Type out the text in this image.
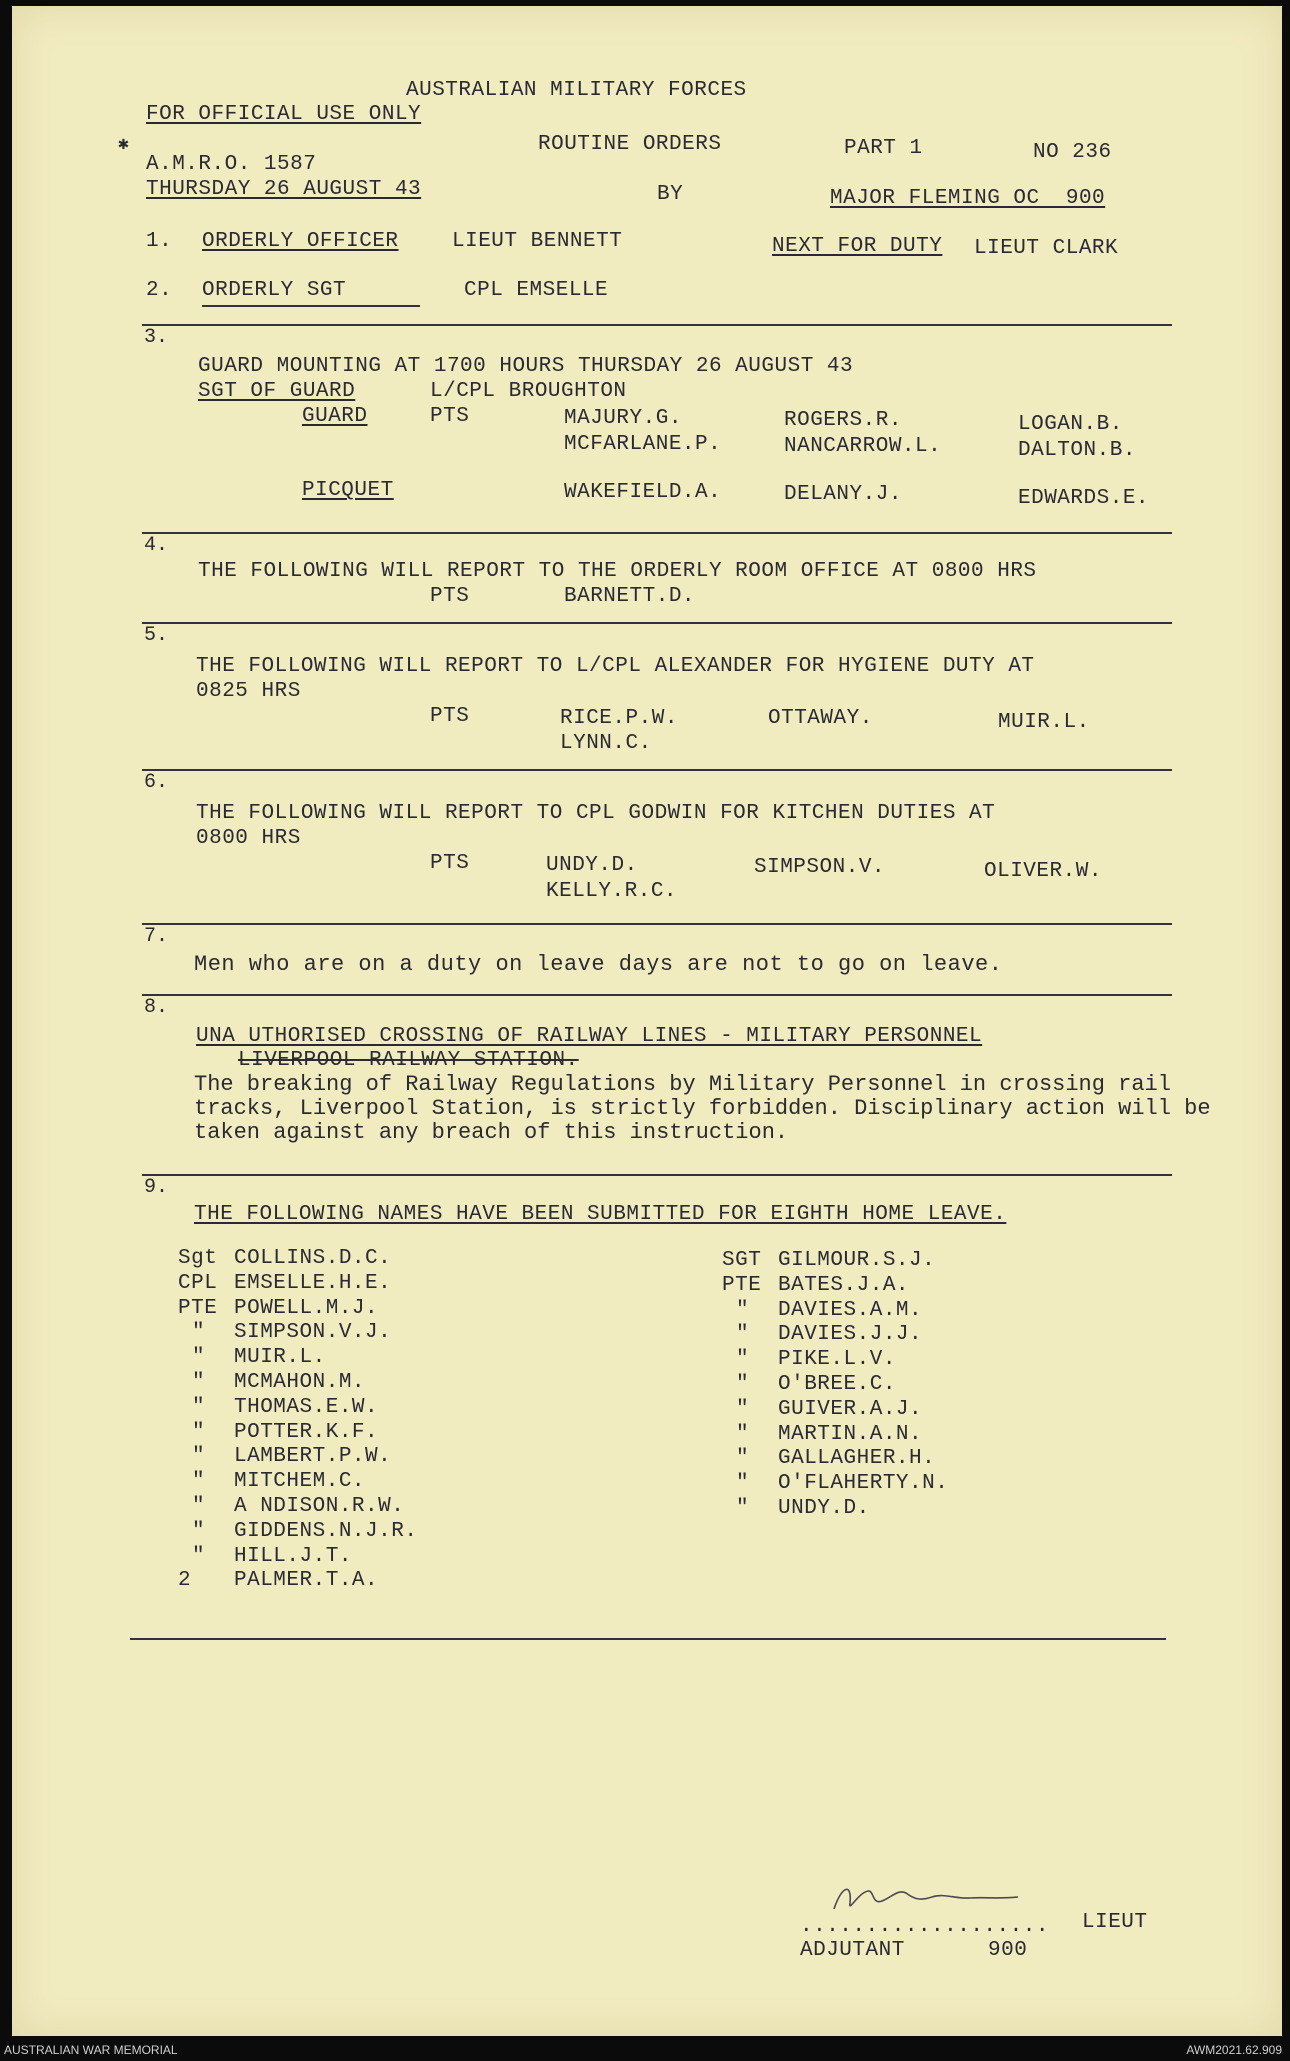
AUSTRALIAN MILITARY FORCES
FOR OFFICIAL USE ONLY
✱	ROUTINE ORDERS	PART 1	NO 236
A.M.R.O. 1587
THURSDAY 26 AUGUST 43	BY	MAJOR FLEMING OC  900
1. ORDERLY OFFICER	LIEUT BENNETT	NEXT FOR DUTY LIEUT CLARK
2. ORDERLY SGT	CPL EMSELLE
3.
GUARD MOUNTING AT 1700 HOURS THURSDAY 26 AUGUST 43
SGT OF GUARD	L/CPL BROUGHTON
GUARD	PTS	MAJURY.G.	ROGERS.R.	LOGAN.B.
MCFARLANE.P.	NANCARROW.L.	DALTON.B.
PICQUET	WAKEFIELD.A.	DELANY.J.	EDWARDS.E.
4.
THE FOLLOWING WILL REPORT TO THE ORDERLY ROOM OFFICE AT 0800 HRS
PTS	BARNETT.D.
5.
THE FOLLOWING WILL REPORT TO L/CPL ALEXANDER FOR HYGIENE DUTY AT
0825 HRS
PTS	RICE.P.W.	OTTAWAY.	MUIR.L.
LYNN.C.
6.
THE FOLLOWING WILL REPORT TO CPL GODWIN FOR KITCHEN DUTIES AT
0800 HRS
PTS	UNDY.D.	SIMPSON.V.	OLIVER.W.
KELLY.R.C.
7.
Men who are on a duty on leave days are not to go on leave.
8.
UNA UTHORISED CROSSING OF RAILWAY LINES - MILITARY PERSONNEL
LIVERPOOL RAILWAY STATION.
The breaking of Railway Regulations by Military Personnel in crossing rail tracks, Liverpool Station, is strictly forbidden. Disciplinary action will be taken against any breach of this instruction.
9.
THE FOLLOWING NAMES HAVE BEEN SUBMITTED FOR EIGHTH HOME LEAVE.
Sgt COLLINS.D.C.
CPL EMSELLE.H.E.
PTE POWELL.M.J.
" SIMPSON.V.J.
" MUIR.L.
" MCMAHON.M.
" THOMAS.E.W.
" POTTER.K.F.
" LAMBERT.P.W.
" MITCHEM.C.
" A NDISON.R.W.
" GIDDENS.N.J.R.
" HILL.J.T.
2 PALMER.T.A.
SGT GILMOUR.S.J.
PTE BATES.J.A.
" DAVIES.A.M.
" DAVIES.J.J.
" PIKE.L.V.
" O'BREE.C.
" GUIVER.A.J.
" MARTIN.A.N.
" GALLAGHER.H.
" O'FLAHERTY.N.
" UNDY.D.
................... LIEUT
ADJUTANT	900
AUSTRALIAN WAR MEMORIAL	AWM2021.62.909
